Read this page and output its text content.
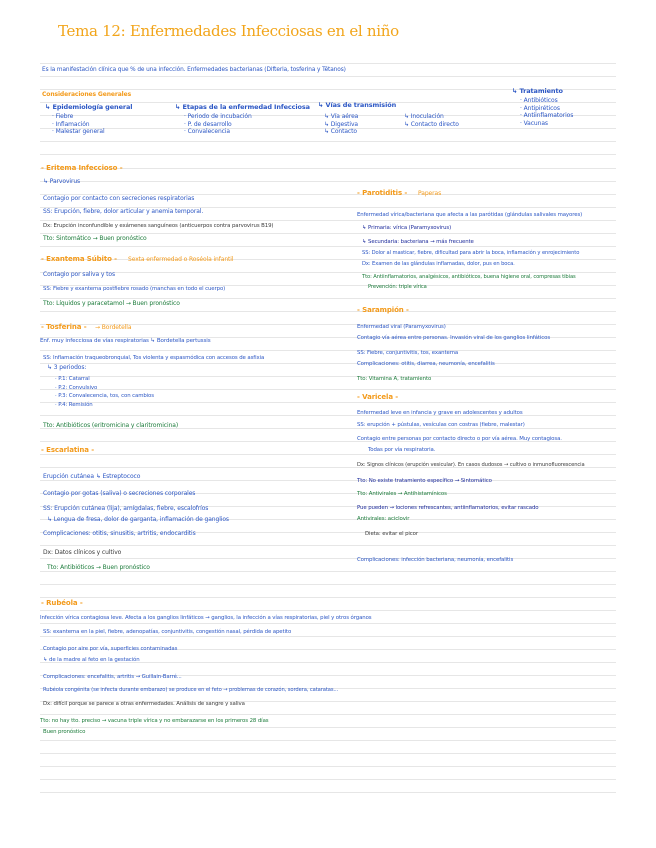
Tema 12: Enfermedades Infecciosas en el niño
Es la manifestación clínica que % de una infección. Enfermedades bacterianas (Difteria, tosferina y Tétanos)
Consideraciones Generales
↳ Epidemiología general
· Fiebre
· Inflamación
· Malestar general
↳ Etapas de la enfermedad Infecciosa
· Periodo de incubación
· P. de desarrollo
· Convalecencia
↳ Vías de transmisión
↳ Vía aérea
↳ Digestiva
↳ Contacto
↳ Inoculación
↳ Contacto directo
↳ Tratamiento
· Antibióticos
· Antipiréticos
· Antiinflamatorios
· Vacunas
- Eritema Infeccioso -
↳ Parvovirus
Contagio por contacto con secreciones respiratorias
SS: Erupción, fiebre, dolor articular y anemia temporal.
Dx: Erupción inconfundible y exámenes sanguíneos (anticuerpos contra parvovirus B19)
Tto: Sintomático → Buen pronóstico
- Exantema Súbito - Sexta enfermedad o Roséola infantil
Contagio por saliva y tos
SS: Fiebre y exantema postfiebre rosado (manchas en todo el cuerpo)
Tto: Líquidos y paracetamol → Buen pronóstico
- Tosferina - → Bordetella
Enf. muy infecciosa de vías respiratorias ↳ Bordetella pertussis
SS: Inflamación traqueobronquial, Tos violenta y espasmódica con accesos de asfixia
↳ 3 periodos:
· P.1: Catarral
· P.2: Convulsivo
· P.3: Convalecencia, tos, con cambios
· P.4: Remisión
Tto: Antibióticos (eritromicina y claritromicina)
- Escarlatina -
Erupción cutánea ↳ Estreptococo
Contagio por gotas (saliva) o secreciones corporales
SS: Erupción cutánea (lija), amígdalas, fiebre, escalofríos
↳ Lengua de fresa, dolor de garganta, inflamación de ganglios
Complicaciones: otitis, sinusitis, artritis, endocarditis
Dx: Datos clínicos y cultivo
Tto: Antibióticos → Buen pronóstico
- Parotiditis - Paperas
Enfermedad vírica/bacteriana que afecta a las parótidas (glándulas salivales mayores)
↳ Primaria: vírica (Paramyxovirus)
↳ Secundaria: bacteriana → más frecuente
SS: Dolor al masticar, fiebre, dificultad para abrir la boca, inflamación y enrojecimiento
Dx: Examen de las glándulas inflamadas, dolor, pus en boca.
Tto: Antiinflamatorios, analgésicos, antibióticos, buena higiene oral, compresas tibias
Prevención: triple vírica
- Sarampión -
Enfermedad viral (Paramyxovirus)
Contagio vía aérea entre personas. Invasión viral de los ganglios linfáticos
SS: Fiebre, conjuntivitis, tos, exantema
Complicaciones: otitis, diarrea, neumonía, encefalitis
Tto: Vitamina A, tratamiento
- Varicela -
Enfermedad leve en infancia y grave en adolescentes y adultos
SS: erupción + pústulas, vesículas con costras (fiebre, malestar)
Contagio entre personas por contacto directo o por vía aérea. Muy contagiosa.
Todas por vía respiratoria.
Dx: Signos clínicos (erupción vesicular). En casos dudosos → cultivo o inmunofluorescencia
Tto: No existe tratamiento específico → Sintomático
Tto: Antivirales → Antihistamínicos
Pue pueden → lociones refrescantes, antiinflamatorios, evitar rascado
Antivirales: aciclovir
Dieta: evitar el picor
Complicaciones: infección bacteriana, neumonía, encefalitis
- Rubéola -
Infección vírica contagiosa leve. Afecta a los ganglios linfáticos → ganglios, la infección a vías respiratorias, piel y otros órganos
SS: exantema en la piel, fiebre, adenopatías, conjuntivitis, congestión nasal, pérdida de apetito
Contagio por aire por vía, superficies contaminadas
↳ de la madre al feto en la gestación
Complicaciones: encefalitis, artritis → Guillain-Barré...
Rubéola congénita (se infecta durante embarazo) se produce en el feto → problemas de corazón, sordera, cataratas...
Dx: difícil porque se parece a otras enfermedades. Análisis de sangre y saliva
Tto: no hay tto. preciso → vacuna triple vírica y no embarazarse en los primeros 28 días
Buen pronóstico
